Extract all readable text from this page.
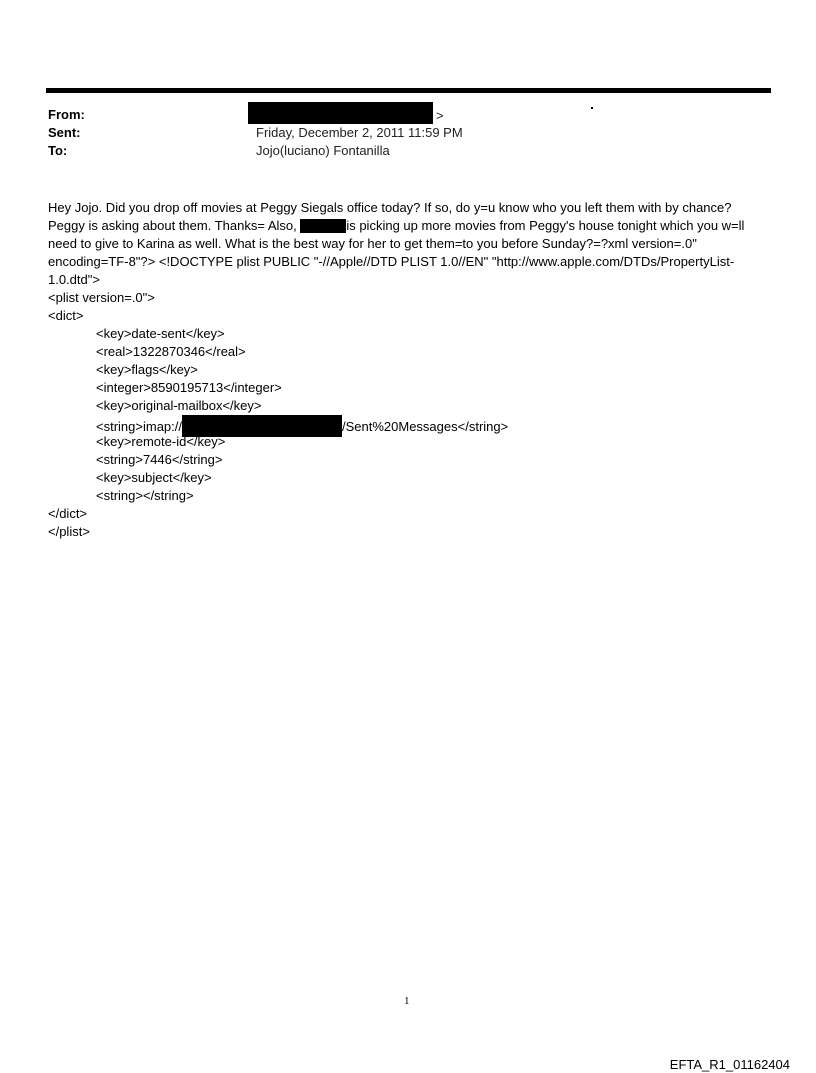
From:	>
Sent:	Friday, December 2, 2011 11:59 PM
To:	Jojo(luciano) Fontanilla
Hey Jojo. Did you drop off movies at Peggy Siegals office today? If so, do y=u know who you left them with by chance?
Peggy is asking about them. Thanks= Also,	is picking up more movies from Peggy's house tonight which you w=ll
need to give to Karina as well. What is the best way for her to get them=to you before Sunday?=?xml version=.0"
encoding=TF-8"?> <!DOCTYPE plist PUBLIC "-//Apple//DTD PLIST 1.0//EN" "http://www.apple.com/DTDs/PropertyList-
1.0.dtd">
<plist version=.0">
<dict>
<key>date-sent</key>
<real>1322870346</real>
<key>flags</key>
<integer>8590195713</integer>
<key>original-mailbox</key>
<string>imap://	/Sent%20Messages</string>
<key>remote-id</key>
<string>7446</string>
<key>subject</key>
<string></string>
</dict>
</plist>
1
EFTA_R1_01162404
